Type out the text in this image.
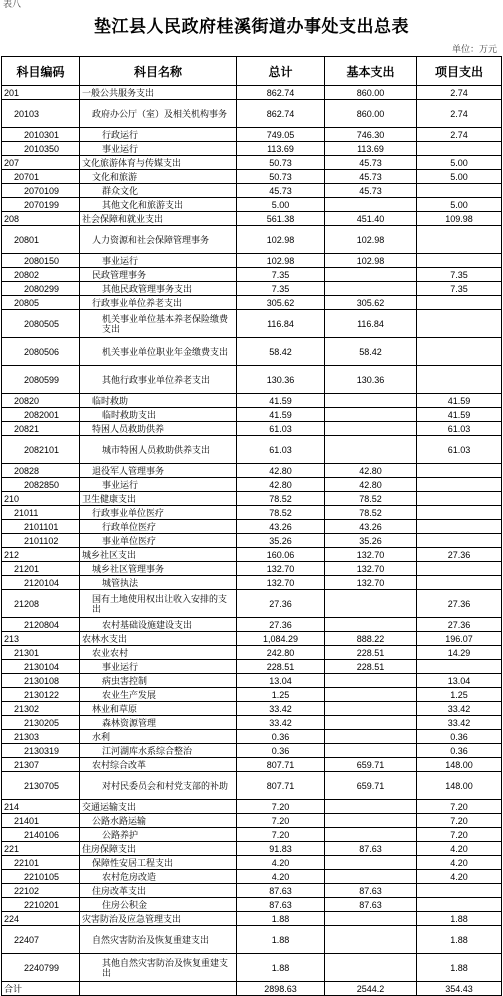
表八
垫江县人民政府桂溪街道办事处支出总表
单位：万元
科目编码	科目名称	总计	基本支出	项目支出
201	一般公共服务支出	862.74	860.00	2.74
20103	政府办公厅（室）及相关机构事务	862.74	860.00	2.74
2010301	行政运行	749.05	746.30	2.74
2010350	事业运行	113.69	113.69	
207	文化旅游体育与传媒支出	50.73	45.73	5.00
20701	文化和旅游	50.73	45.73	5.00
2070109	群众文化	45.73	45.73	
2070199	其他文化和旅游支出	5.00		5.00
208	社会保障和就业支出	561.38	451.40	109.98
20801	人力资源和社会保障管理事务	102.98	102.98	
2080150	事业运行	102.98	102.98	
20802	民政管理事务	7.35		7.35
2080299	其他民政管理事务支出	7.35		7.35
20805	行政事业单位养老支出	305.62	305.62	
2080505	机关事业单位基本养老保险缴费支出	116.84	116.84	
2080506	机关事业单位职业年金缴费支出	58.42	58.42	
2080599	其他行政事业单位养老支出	130.36	130.36	
20820	临时救助	41.59		41.59
2082001	临时救助支出	41.59		41.59
20821	特困人员救助供养	61.03		61.03
2082101	城市特困人员救助供养支出	61.03		61.03
20828	退役军人管理事务	42.80	42.80	
2082850	事业运行	42.80	42.80	
210	卫生健康支出	78.52	78.52	
21011	行政事业单位医疗	78.52	78.52	
2101101	行政单位医疗	43.26	43.26	
2101102	事业单位医疗	35.26	35.26	
212	城乡社区支出	160.06	132.70	27.36
21201	城乡社区管理事务	132.70	132.70	
2120104	城管执法	132.70	132.70	
21208	国有土地使用权出让收入安排的支出	27.36		27.36
2120804	农村基础设施建设支出	27.36		27.36
213	农林水支出	1,084.29	888.22	196.07
21301	农业农村	242.80	228.51	14.29
2130104	事业运行	228.51	228.51	
2130108	病虫害控制	13.04		13.04
2130122	农业生产发展	1.25		1.25
21302	林业和草原	33.42		33.42
2130205	森林资源管理	33.42		33.42
21303	水利	0.36		0.36
2130319	江河湖库水系综合整治	0.36		0.36
21307	农村综合改革	807.71	659.71	148.00
2130705	对村民委员会和村党支部的补助	807.71	659.71	148.00
214	交通运输支出	7.20		7.20
21401	公路水路运输	7.20		7.20
2140106	公路养护	7.20		7.20
221	住房保障支出	91.83	87.63	4.20
22101	保障性安居工程支出	4.20		4.20
2210105	农村危房改造	4.20		4.20
22102	住房改革支出	87.63	87.63	
2210201	住房公积金	87.63	87.63	
224	灾害防治及应急管理支出	1.88		1.88
22407	自然灾害防治及恢复重建支出	1.88		1.88
2240799	其他自然灾害防治及恢复重建支出	1.88		1.88
合计		2898.63	2544.2	354.43
